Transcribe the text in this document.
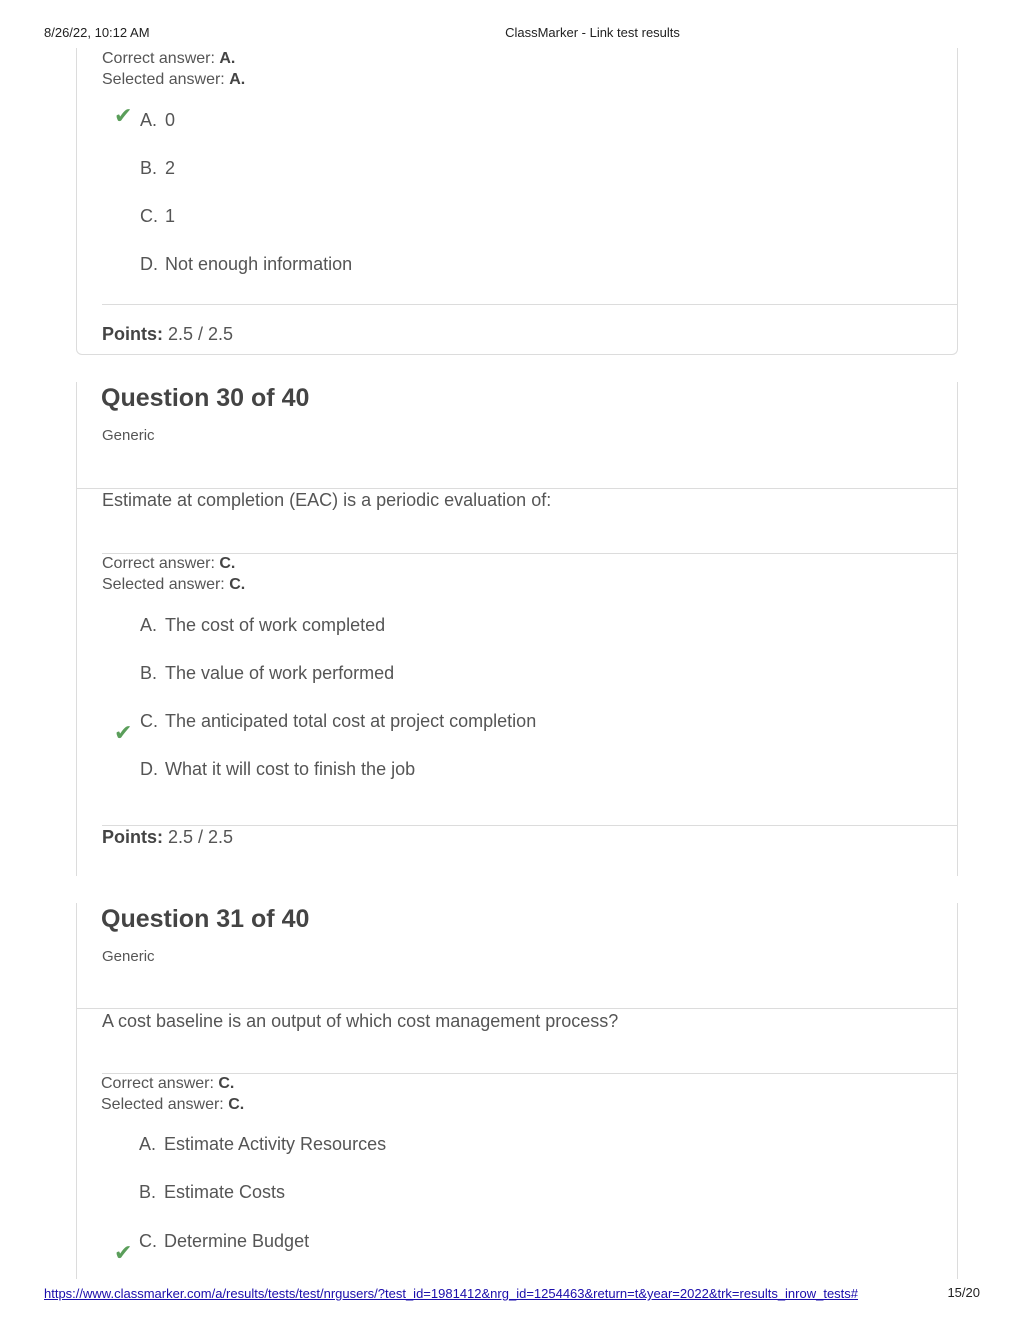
8/26/22, 10:12 AM	ClassMarker - Link test results
Correct answer: A.
Selected answer: A.
✔ A. 0
B. 2
C. 1
D. Not enough information
Points: 2.5 / 2.5
Question 30 of 40
Generic
Estimate at completion (EAC) is a periodic evaluation of:
Correct answer: C.
Selected answer: C.
A. The cost of work completed
B. The value of work performed
✔ C. The anticipated total cost at project completion
D. What it will cost to finish the job
Points: 2.5 / 2.5
Question 31 of 40
Generic
A cost baseline is an output of which cost management process?
Correct answer: C.
Selected answer: C.
A. Estimate Activity Resources
B. Estimate Costs
✔ C. Determine Budget
https://www.classmarker.com/a/results/tests/test/nrgusers/?test_id=1981412&nrg_id=1254463&return=t&year=2022&trk=results_inrow_tests#	15/20
